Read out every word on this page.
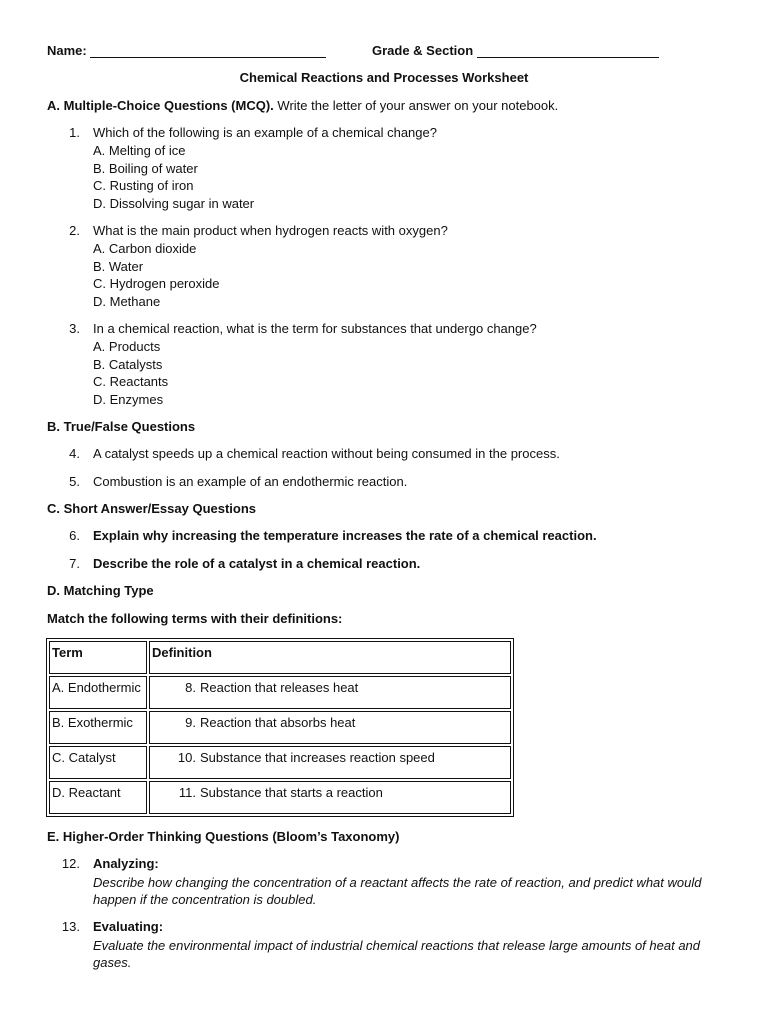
Name:	Grade & Section
Chemical Reactions and Processes Worksheet
A. Multiple-Choice Questions (MCQ). Write the letter of your answer on your notebook.
1. Which of the following is an example of a chemical change?
A. Melting of ice
B. Boiling of water
C. Rusting of iron
D. Dissolving sugar in water
2. What is the main product when hydrogen reacts with oxygen?
A. Carbon dioxide
B. Water
C. Hydrogen peroxide
D. Methane
3. In a chemical reaction, what is the term for substances that undergo change?
A. Products
B. Catalysts
C. Reactants
D. Enzymes
B. True/False Questions
4. A catalyst speeds up a chemical reaction without being consumed in the process.
5. Combustion is an example of an endothermic reaction.
C. Short Answer/Essay Questions
6. Explain why increasing the temperature increases the rate of a chemical reaction.
7. Describe the role of a catalyst in a chemical reaction.
D. Matching Type
Match the following terms with their definitions:
Term	Definition
A. Endothermic	8. Reaction that releases heat
B. Exothermic	9. Reaction that absorbs heat
C. Catalyst	10. Substance that increases reaction speed
D. Reactant	11. Substance that starts a reaction
E. Higher-Order Thinking Questions (Bloom’s Taxonomy)
12. Analyzing:
Describe how changing the concentration of a reactant affects the rate of reaction, and predict what would happen if the concentration is doubled.
13. Evaluating:
Evaluate the environmental impact of industrial chemical reactions that release large amounts of heat and gases.
